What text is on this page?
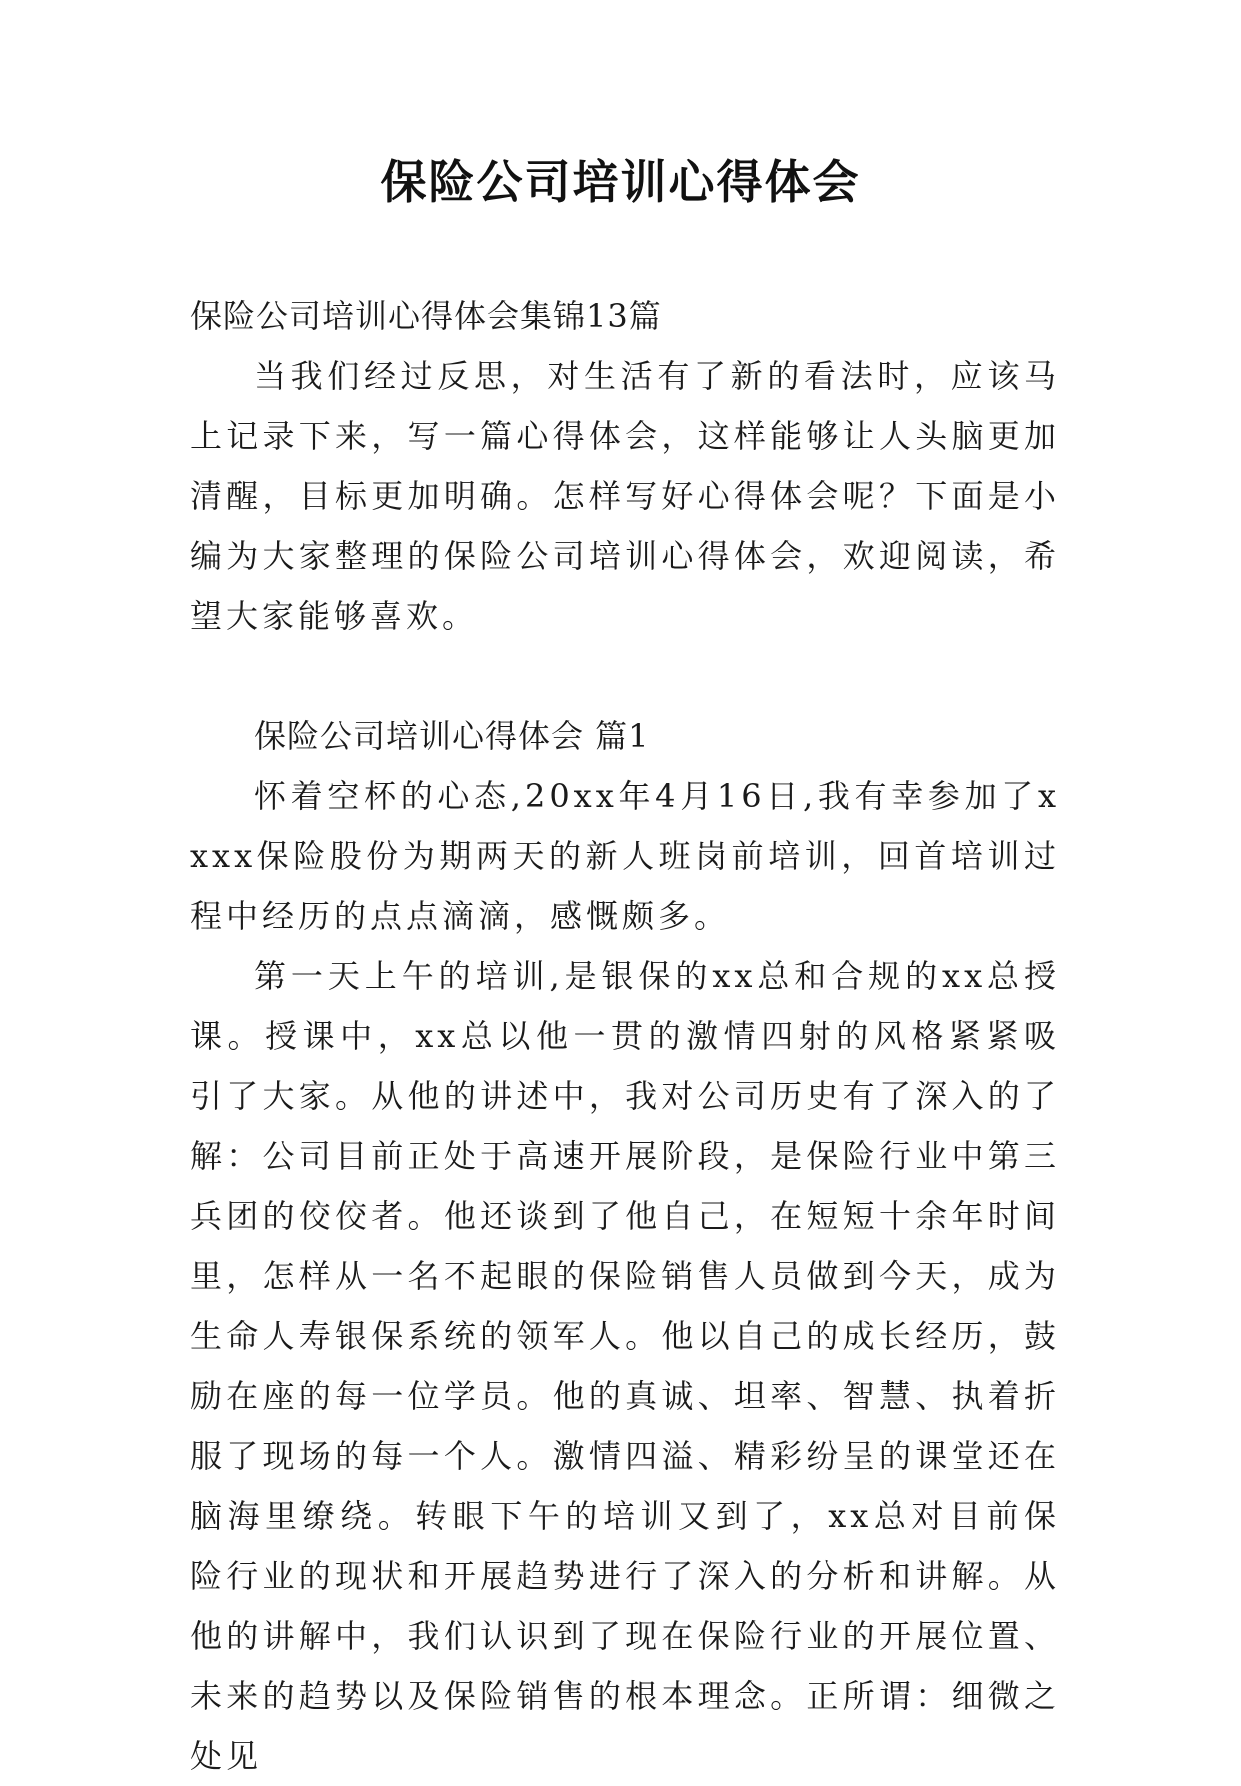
保险公司培训心得体会

保险公司培训心得体会集锦13篇

当我们经过反思，对生活有了新的看法时，应该马上记录下来，写一篇心得体会，这样能够让人头脑更加清醒，目标更加明确。怎样写好心得体会呢？下面是小编为大家整理的保险公司培训心得体会，欢迎阅读，希望大家能够喜欢。

保险公司培训心得体会 篇1

怀着空杯的心态,20xx年4月16日,我有幸参加了xxxx保险股份为期两天的新人班岗前培训，回首培训过程中经历的点点滴滴，感慨颇多。

第一天上午的培训,是银保的xx总和合规的xx总授课。授课中，xx总以他一贯的激情四射的风格紧紧吸引了大家。从他的讲述中，我对公司历史有了深入的了解：公司目前正处于高速开展阶段，是保险行业中第三兵团的佼佼者。他还谈到了他自己，在短短十余年时间里，怎样从一名不起眼的保险销售人员做到今天，成为生命人寿银保系统的领军人。他以自己的成长经历，鼓励在座的每一位学员。他的真诚、坦率、智慧、执着折服了现场的每一个人。激情四溢、精彩纷呈的课堂还在脑海里缭绕。转眼下午的培训又到了，xx总对目前保险行业的现状和开展趋势进行了深入的分析和讲解。从他的讲解中，我们认识到了现在保险行业的开展位置、未来的趋势以及保险销售的根本理念。正所谓：细微之处见
